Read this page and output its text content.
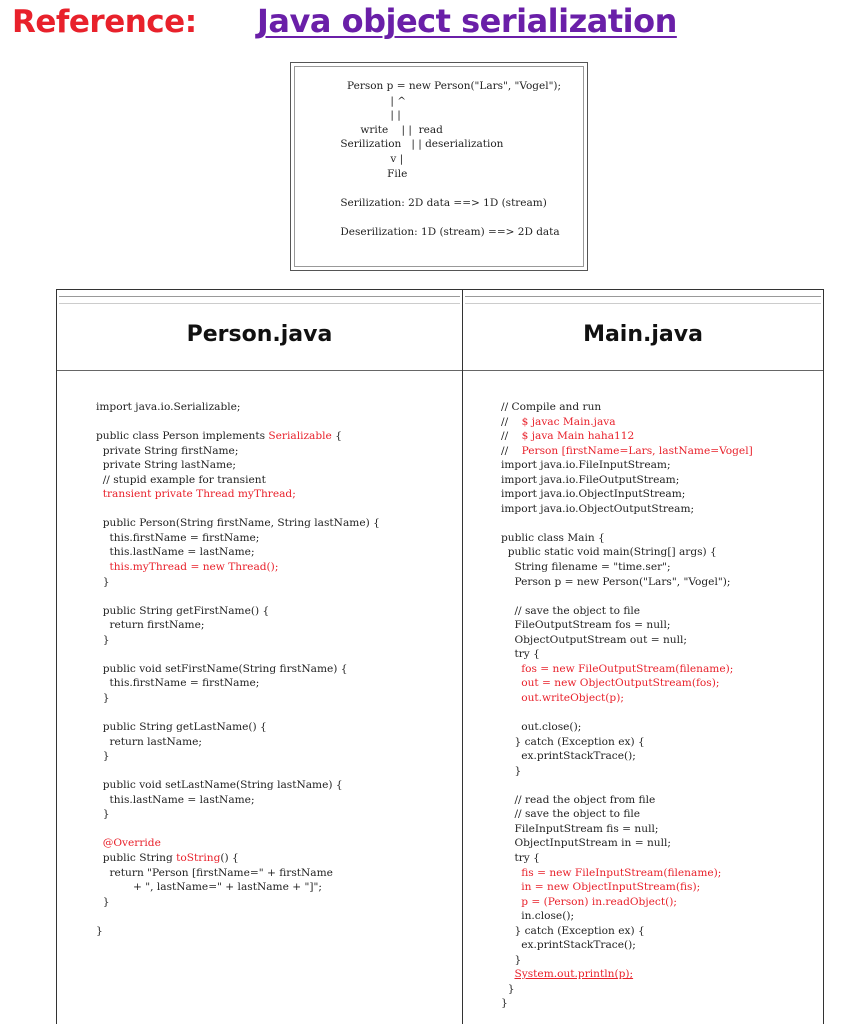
Reference: Java object serialization
Person p = new Person("Lars", "Vogel");
| ^
| |
write    | |  read
Serilization   | | deserialization
v |
File
Serilization: 2D data ==> 1D (stream)
Deserilization: 1D (stream) ==> 2D data
Person.java
import java.io.Serializable;
public class Person implements Serializable {
private String firstName;
private String lastName;
// stupid example for transient
transient private Thread myThread;
public Person(String firstName, String lastName) {
this.firstName = firstName;
this.lastName = lastName;
this.myThread = new Thread();
}
public String getFirstName() {
return firstName;
}
public void setFirstName(String firstName) {
this.firstName = firstName;
}
public String getLastName() {
return lastName;
}
public void setLastName(String lastName) {
this.lastName = lastName;
}
@Override
public String toString() {
return "Person [firstName=" + firstName
+ ", lastName=" + lastName + "]";
}
}
Main.java
// Compile and run
//    $ javac Main.java
//    $ java Main haha112
//    Person [firstName=Lars, lastName=Vogel]
import java.io.FileInputStream;
import java.io.FileOutputStream;
import java.io.ObjectInputStream;
import java.io.ObjectOutputStream;
public class Main {
public static void main(String[] args) {
String filename = "time.ser";
Person p = new Person("Lars", "Vogel");
// save the object to file
FileOutputStream fos = null;
ObjectOutputStream out = null;
try {
fos = new FileOutputStream(filename);
out = new ObjectOutputStream(fos);
out.writeObject(p);
out.close();
} catch (Exception ex) {
ex.printStackTrace();
}
// read the object from file
// save the object to file
FileInputStream fis = null;
ObjectInputStream in = null;
try {
fis = new FileInputStream(filename);
in = new ObjectInputStream(fis);
p = (Person) in.readObject();
in.close();
} catch (Exception ex) {
ex.printStackTrace();
}
System.out.println(p);
}
}
